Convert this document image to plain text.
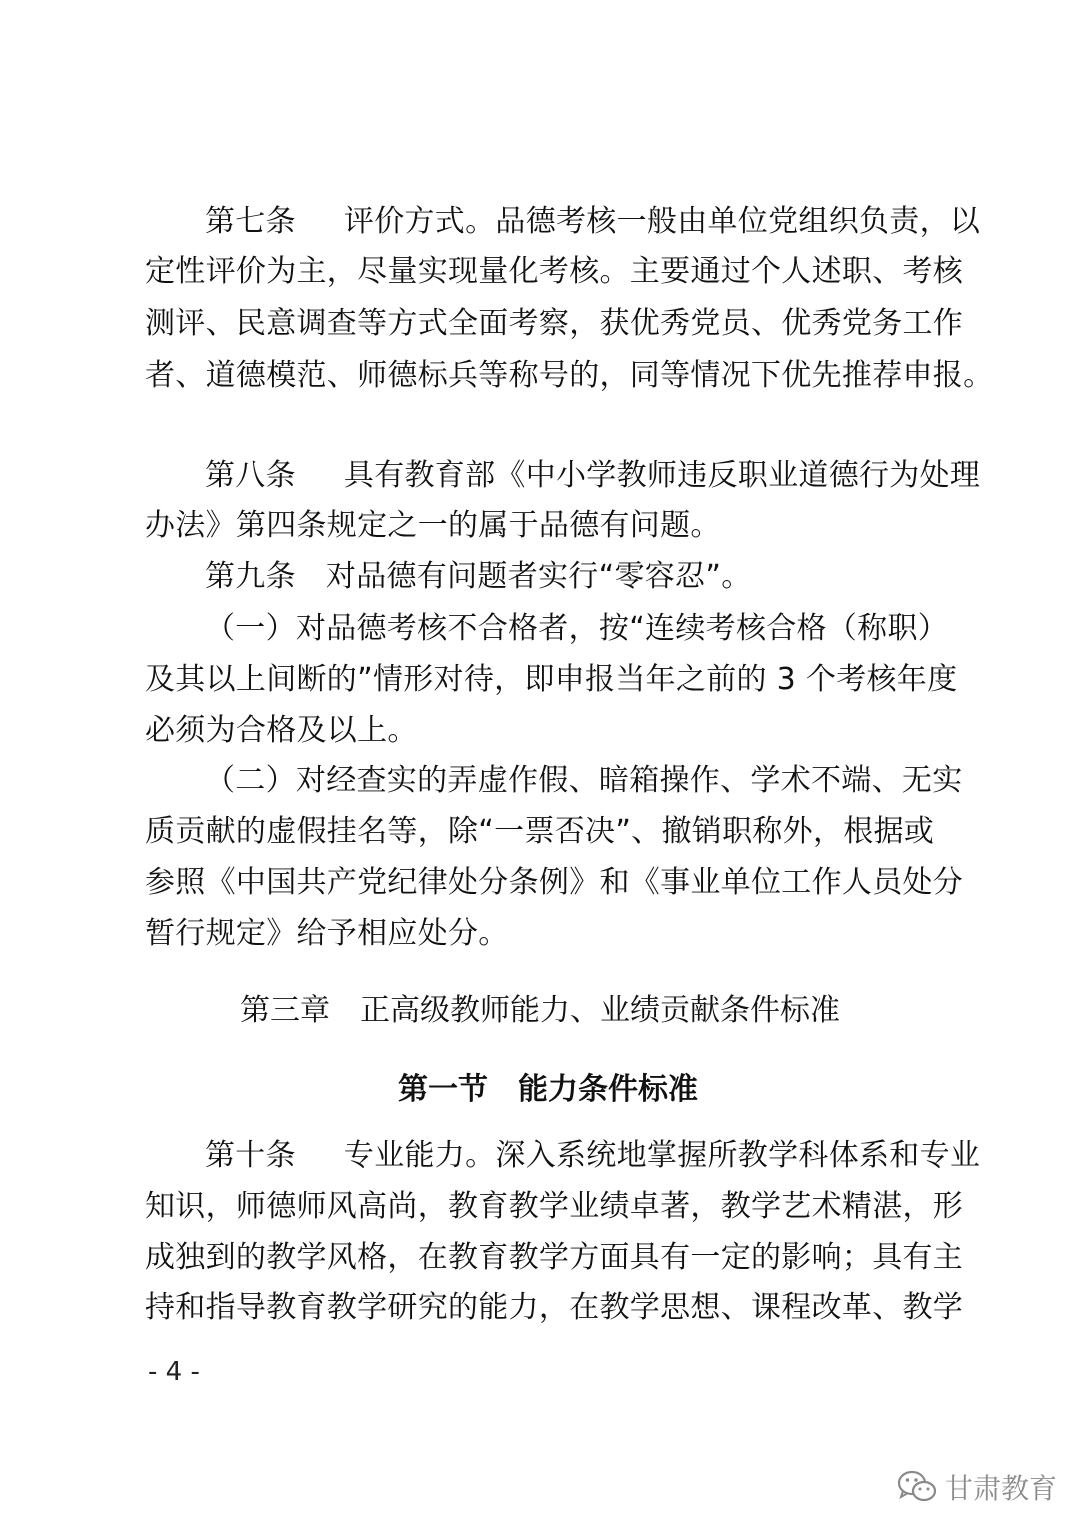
第七条 评价方式。品德考核一般由单位党组织负责，以
定性评价为主，尽量实现量化考核。主要通过个人述职、考核
测评、民意调查等方式全面考察，获优秀党员、优秀党务工作
者、道德模范、师德标兵等称号的，同等情况下优先推荐申报。
第八条 具有教育部《中小学教师违反职业道德行为处理
办法》第四条规定之一的属于品德有问题。
第九条 对品德有问题者实行“零容忍”。
（一）对品德考核不合格者，按“连续考核合格（称职）
及其以上间断的”情形对待，即申报当年之前的 3 个考核年度
必须为合格及以上。
（二）对经查实的弄虚作假、暗箱操作、学术不端、无实
质贡献的虚假挂名等，除“一票否决”、撤销职称外，根据或
参照《中国共产党纪律处分条例》和《事业单位工作人员处分
暂行规定》给予相应处分。
第三章 正高级教师能力、业绩贡献条件标准
第一节 能力条件标准
第十条 专业能力。深入系统地掌握所教学科体系和专业
知识，师德师风高尚，教育教学业绩卓著，教学艺术精湛，形
成独到的教学风格，在教育教学方面具有一定的影响；具有主
持和指导教育教学研究的能力，在教学思想、课程改革、教学
- 4 -
甘肃教育
